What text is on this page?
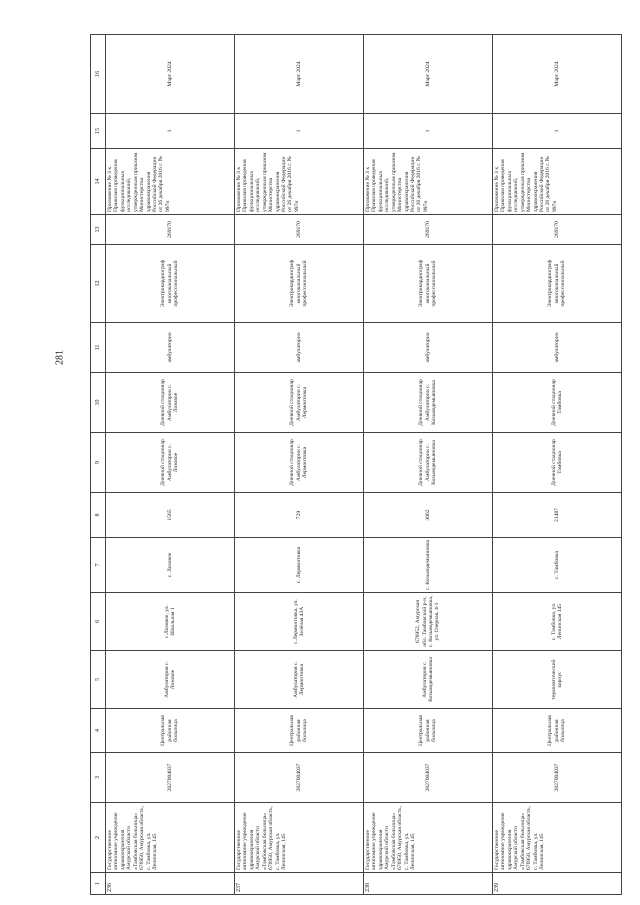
281
1	2	3	4	5	6	7	8	9	10	11	12	13	14	15	16
236	Государственное автономное учреждение здравоохранения Амурской области «Тамбовская больница» 676950, Амурская область, с. Тамбовка, ул. Ленинская, 145	2827004037	Центральная районная больница	Амбулатория с. Лозовое	с.Лозовое, ул. Школьная 1	с. Лозовое	1565	Дневной стационар Амбулатории с. Лозовое	Дневной стационар Амбулатории с. Лозовое	амбулаторно	Электрокардиограф многоканальный профессиональный	269170	Приложение № 3 к Правилам проведения функциональных исследований, утвержденным приказом Министерства здравоохранения Российской Федерации от 26 декабря 2016 г. № 997н	1	Март 2024
237	Государственное автономное учреждение здравоохранения Амурской области «Тамбовская больница» 676950, Амурская область, с. Тамбовка, ул. Ленинская, 145	2827004037	Центральная районная больница	Амбулатория с. Лермонтовка	с.Лермонтовка, ул. Зелёная 43А	с. Лермонтовка	729	Дневной стационар Амбулатории с. Лермонтовка	Дневной стационар Амбулатории с. Лермонтовка	амбулаторно	Электрокардиограф многоканальный профессиональный	269170	Приложение № 3 к Правилам проведения функциональных исследований, утвержденным приказом Министерства здравоохранения Российской Федерации от 26 декабря 2016 г. № 997н	1	Март 2024
238	Государственное автономное учреждение здравоохранения Амурской области «Тамбовская больница» 676950, Амурская область, с. Тамбовка, ул. Ленинская, 145	2827004037	Центральная районная больница	Амбулатория с. Козьмодемьяновка	676952, Амурская обл. Тамбовский р-н, с. Козьмодемьяновка, ул. Озерная, 4-1	с. Козьмодемьяновка	3062	Дневной стационар Амбулатории с. Козьмодемьяновка	Дневной стационар Амбулатории с. Козьмодемьяновка	амбулаторно	Электрокардиограф многоканальный профессиональный	269170	Приложение № 3 к Правилам проведения функциональных исследований, утвержденным приказом Министерства здравоохранения Российской Федерации от 26 декабря 2016 г. № 997н	1	Март 2024
239	Государственное автономное учреждение здравоохранения Амурской области «Тамбовская больница» 676950, Амурская область, с. Тамбовка, ул. Ленинская, 145	2827004037	Центральная районная больница	терапевтический корпус	с. Тамбовка, ул. Ленинская 145	с. Тамбовка	21487	Дневной стационар Тамбовка	Дневной стационар Тамбовка	амбулаторно	Электрокардиограф многоканальный профессиональный	269170	Приложение № 3 к Правилам проведения функциональных исследований, утвержденным приказом Министерства здравоохранения Российской Федерации от 26 декабря 2016 г. № 997н	1	Март 2024
